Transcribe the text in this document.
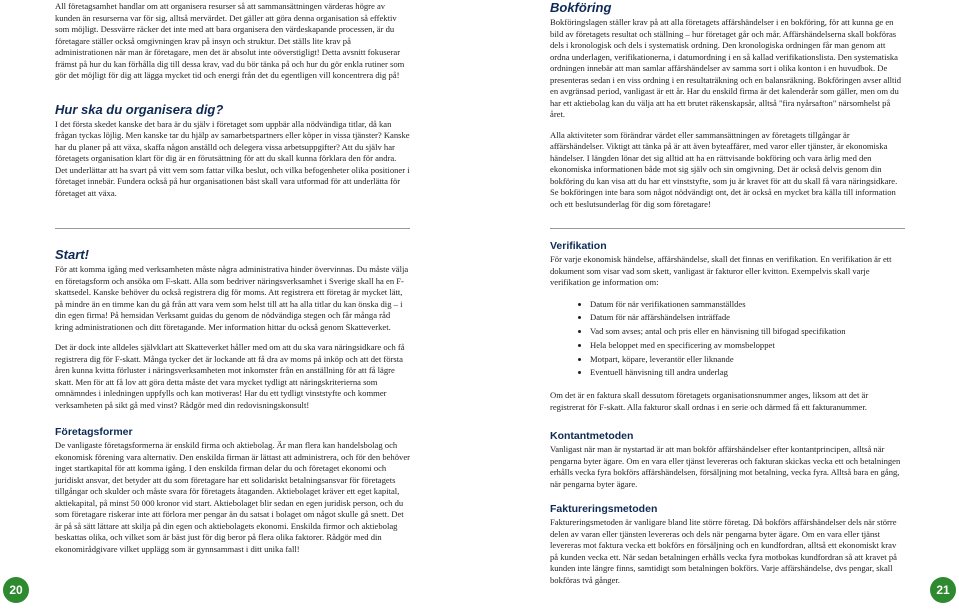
All företagsamhet handlar om att organisera resurser så att sammansättningen värderas högre av kunden än resurserna var för sig, alltså mervärdet. Det gäller att göra denna organisation så effektiv som möjligt. Dessvärre räcker det inte med att bara organisera den värdeskapande processen, är du företagare ställer också omgivningen krav på insyn och struktur. Det ställs lite krav på administrationen när man är företagare, men det är absolut inte oöverstigligt! Detta avsnitt fokuserar främst på hur du kan förhålla dig till dessa krav, vad du bör tänka på och hur du gör enkla rutiner som gör det möjligt för dig att lägga mycket tid och energi från det du egentligen vill koncentrera dig på!

Hur ska du organisera dig?

I det första skedet kanske det bara är du själv i företaget som uppbär alla nödvändiga titlar, då kan frågan tyckas löjlig. Men kanske tar du hjälp av samarbetspartners eller köper in vissa tjänster? Kanske har du planer på att växa, skaffa någon anställd och delegera vissa arbetsuppgifter? Att du själv har företagets organisation klart för dig är en förutsättning för att du skall kunna förklara den för andra. Det underlättar att ha svart på vitt vem som fattar vilka beslut, och vilka befogenheter olika positioner i företaget innebär. Fundera också på hur organisationen bäst skall vara utformad för att underlätta för företaget att växa.

Start!

För att komma igång med verksamheten måste några administrativa hinder övervinnas. Du måste välja en företagsform och ansöka om F-skatt. Alla som bedriver näringsverksamhet i Sverige skall ha en F-skattsedel. Kanske behöver du också registrera dig för moms. Att registrera ett företag är mycket lätt, på mindre än en timme kan du gå från att vara vem som helst till att ha alla titlar du kan önska dig – i din egen firma! På hemsidan Verksamt guidas du genom de nödvändiga stegen och får många råd kring administrationen och ditt företagande. Mer information hittar du också genom Skatteverket.

Det är dock inte alldeles självklart att Skatteverket håller med om att du ska vara näringsidkare och få registrera dig för F-skatt. Många tycker det är lockande att få dra av moms på inköp och att det första åren kunna kvitta förluster i näringsverksamheten mot inkomster från en anställning för att få lägre skatt. Men för att få lov att göra detta måste det vara mycket tydligt att näringskriterierna som omnämndes i inledningen uppfylls och kan motiveras! Har du ett tydligt vinststyfte och kommer verksamheten på sikt gå med vinst? Rådgör med din redovisningskonsult!

Företagsformer

De vanligaste företagsformerna är enskild firma och aktiebolag. Är man flera kan handelsbolag och ekonomisk förening vara alternativ. Den enskilda firman är lättast att administrera, och för den behöver inget startkapital för att komma igång. I den enskilda firman delar du och företaget ekonomi och juridiskt ansvar, det betyder att du som företagare har ett solidariskt betalningsansvar för företagets tillgångar och skulder och måste svara för företagets åtaganden. Aktiebolaget kräver ett eget kapital, aktiekapital, på minst 50 000 kronor vid start. Aktiebolaget blir sedan en egen juridisk person, och du som företagare riskerar inte att förlora mer pengar än du satsat i bolaget om något skulle gå snett. Det är på så sätt lättare att skilja på din egen och aktiebolagets ekonomi. Enskilda firmor och aktiebolag beskattas olika, och vilket som är bäst just för dig beror på flera olika faktorer. Rådgör med din ekonomirådgivare vilket upplägg som är gynnsammast i ditt unika fall!

Bokföring

Bokföringslagen ställer krav på att alla företagets affärshändelser i en bokföring, för att kunna ge en bild av företagets resultat och ställning – hur företaget går och mår. Affärshändelserna skall bokföras dels i kronologisk och dels i systematisk ordning. Den kronologiska ordningen får man genom att ordna underlagen, verifikationerna, i datumordning i en så kallad verifikationslista. Den systematiska ordningen innebär att man samlar affärshändelser av samma sort i olika konton i en huvudbok. De presenteras sedan i en viss ordning i en resultaträkning och en balansräkning. Bokföringen avser alltid en avgränsad period, vanligast är ett år. Har du enskild firma är det kalenderår som gäller, men om du har ett aktiebolag kan du välja att ha ett brutet räkenskapsår, alltså "fira nyårsafton" närsomhelst på året.

Alla aktiviteter som förändrar värdet eller sammansättningen av företagets tillgångar är affärshändelser. Viktigt att tänka på är att även byteaffärer, med varor eller tjänster, är ekonomiska händelser. I längden lönar det sig alltid att ha en rättvisande bokföring och vara ärlig med den ekonomiska informationen både mot sig själv och sin omgivning. Det är också delvis genom din bokföring du kan visa att du har ett vinststyfte, som ju är kravet för att du skall få vara näringsidkare. Se bokföringen inte bara som något nödvändigt ont, det är också en mycket bra källa till information och ett beslutsunderlag för dig som företagare!

Verifikation

För varje ekonomisk händelse, affärshändelse, skall det finnas en verifikation. En verifikation är ett dokument som visar vad som skett, vanligast är fakturor eller kvitton. Exempelvis skall varje verifikation ge information om:

• Datum för när verifikationen sammanställdes
• Datum för när affärshändelsen inträffade
• Vad som avses; antal och pris eller en hänvisning till bifogad specifikation
• Hela beloppet med en specificering av momsbeloppet
• Motpart, köpare, leverantör eller liknande
• Eventuell hänvisning till andra underlag

Om det är en faktura skall dessutom företagets organisationsnummer anges, liksom att det är registrerat för F-skatt. Alla fakturor skall ordnas i en serie och därmed få ett fakturanummer.

Kontantmetoden

Vanligast när man är nystartad är att man bokför affärshändelser efter kontantprincipen, alltså när pengarna byter ägare. Om en vara eller tjänst levereras och fakturan skickas vecka ett och betalningen erhålls vecka fyra bokförs affärshändelsen, försäljning mot betalning, vecka fyra. Alltså bara en gång, när pengarna byter ägare.

Faktureringsmetoden

Faktureringsmetoden är vanligare bland lite större företag. Då bokförs affärshändelser dels när större delen av varan eller tjänsten levereras och dels när pengarna byter ägare. Om en vara eller tjänst levereras mot faktura vecka ett bokförs en försäljning och en kundfordran, alltså ett ekonomiskt krav på kunden vecka ett. När sedan betalningen erhålls vecka fyra motbokas kundfordran så att kravet på kunden inte längre finns, samtidigt som betalningen bokförs. Varje affärshändelse, dvs pengar, skall bokföras två gånger.

20	21
